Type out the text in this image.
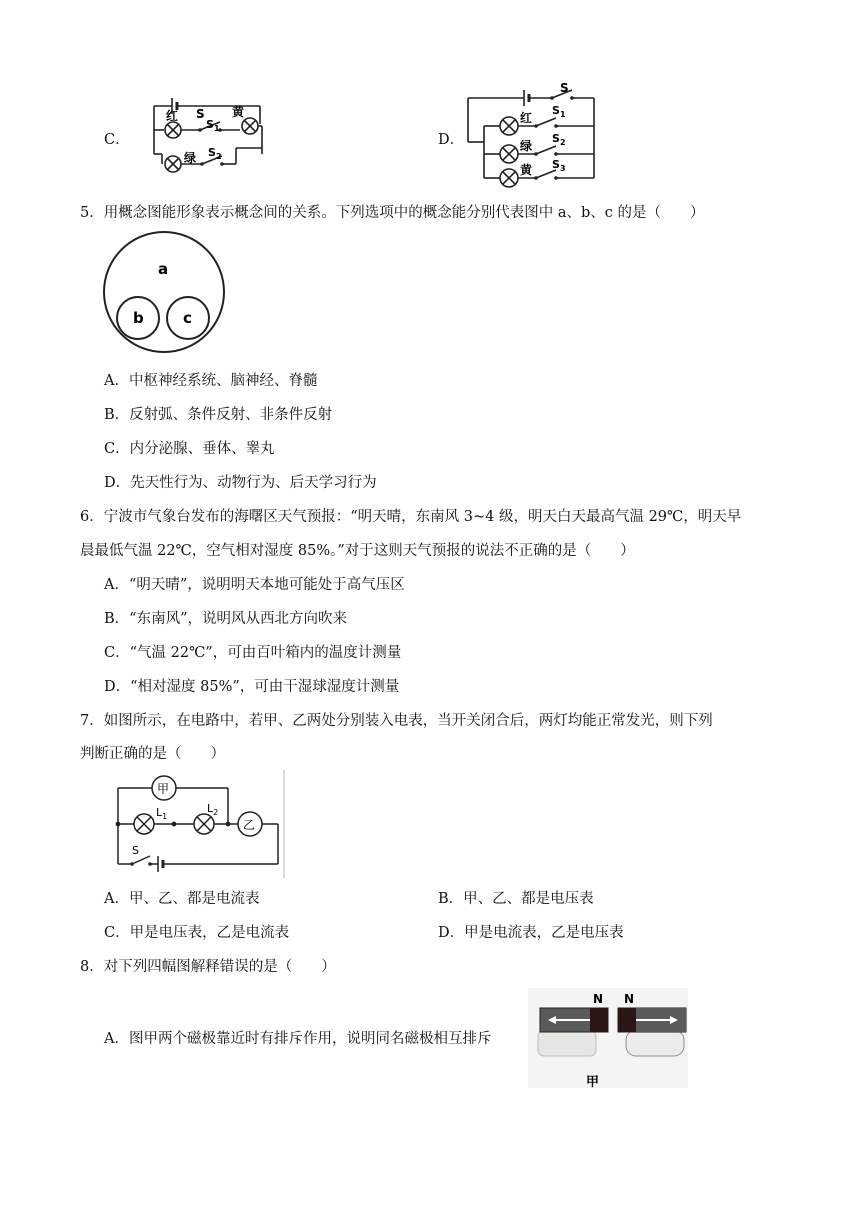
C．
红 S
$S_1$
黄
绿 $S_2$
D．
S
红
$S_1$
绿
$S_2$
黄 $S_3$
5．用概念图能形象表示概念间的关系。下列选项中的概念能分别代表图中 a、b、c 的是（　　）
a
b	c
A．中枢神经系统、脑神经、脊髓
B．反射弧、条件反射、非条件反射
C．内分泌腺、垂体、睾丸
D．先天性行为、动物行为、后天学习行为
6．宁波市气象台发布的海曙区天气预报：“明天晴，东南风 3~4 级，明天白天最高气温 29℃，明天早
晨最低气温 22℃，空气相对湿度 85%。”对于这则天气预报的说法不正确的是（　　）
A．“明天晴”，说明明天本地可能处于高气压区
B．“东南风”，说明风从西北方向吹来
C．“气温 22℃”，可由百叶箱内的温度计测量
D．“相对湿度 85%”，可由干湿球湿度计测量
7．如图所示，在电路中，若甲、乙两处分别装入电表，当开关闭合后，两灯均能正常发光，则下列
判断正确的是（　　）
甲
乙
$L_1$
$L_2$
S
A．甲、乙、都是电流表	B．甲、乙、都是电压表
C．甲是电压表，乙是电流表	D．甲是电流表，乙是电压表
8．对下列四幅图解释错误的是（　　）
A．图甲两个磁极靠近时有排斥作用，说明同名磁极相互排斥
N N
甲
